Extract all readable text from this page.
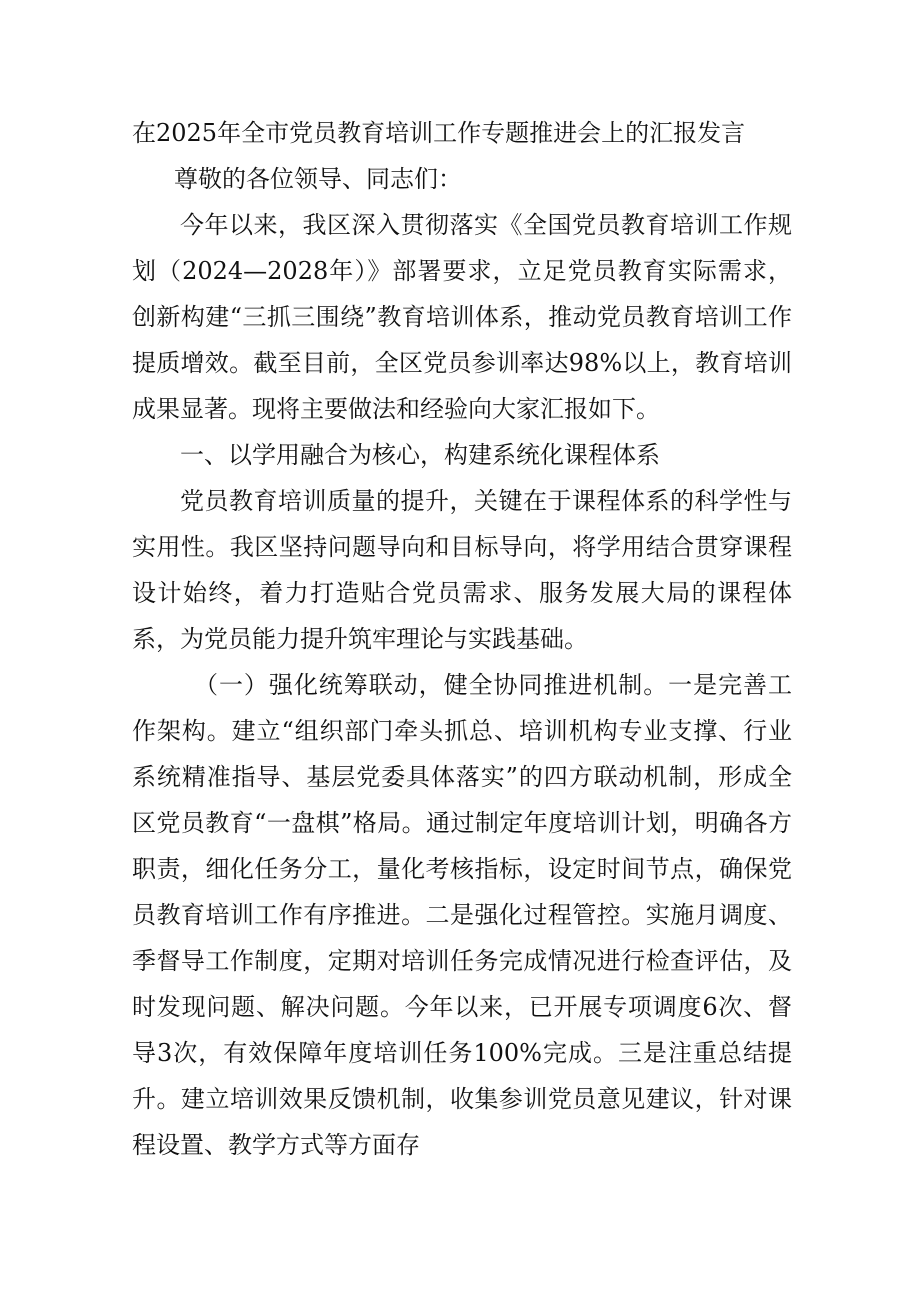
在2025年全市党员教育培训工作专题推进会上的汇报发言

尊敬的各位领导、同志们：

今年以来，我区深入贯彻落实《全国党员教育培训工作规划（2024—2028年）》部署要求，立足党员教育实际需求，创新构建“三抓三围绕”教育培训体系，推动党员教育培训工作提质增效。截至目前，全区党员参训率达98%以上，教育培训成果显著。现将主要做法和经验向大家汇报如下。

一、以学用融合为核心，构建系统化课程体系

党员教育培训质量的提升，关键在于课程体系的科学性与实用性。我区坚持问题导向和目标导向，将学用结合贯穿课程设计始终，着力打造贴合党员需求、服务发展大局的课程体系，为党员能力提升筑牢理论与实践基础。

（一）强化统筹联动，健全协同推进机制。一是完善工作架构。建立“组织部门牵头抓总、培训机构专业支撑、行业系统精准指导、基层党委具体落实”的四方联动机制，形成全区党员教育“一盘棋”格局。通过制定年度培训计划，明确各方职责，细化任务分工，量化考核指标，设定时间节点，确保党员教育培训工作有序推进。二是强化过程管控。实施月调度、季督导工作制度，定期对培训任务完成情况进行检查评估，及时发现问题、解决问题。今年以来，已开展专项调度6次、督导3次，有效保障年度培训任务100%完成。三是注重总结提升。建立培训效果反馈机制，收集参训党员意见建议，针对课程设置、教学方式等方面存
